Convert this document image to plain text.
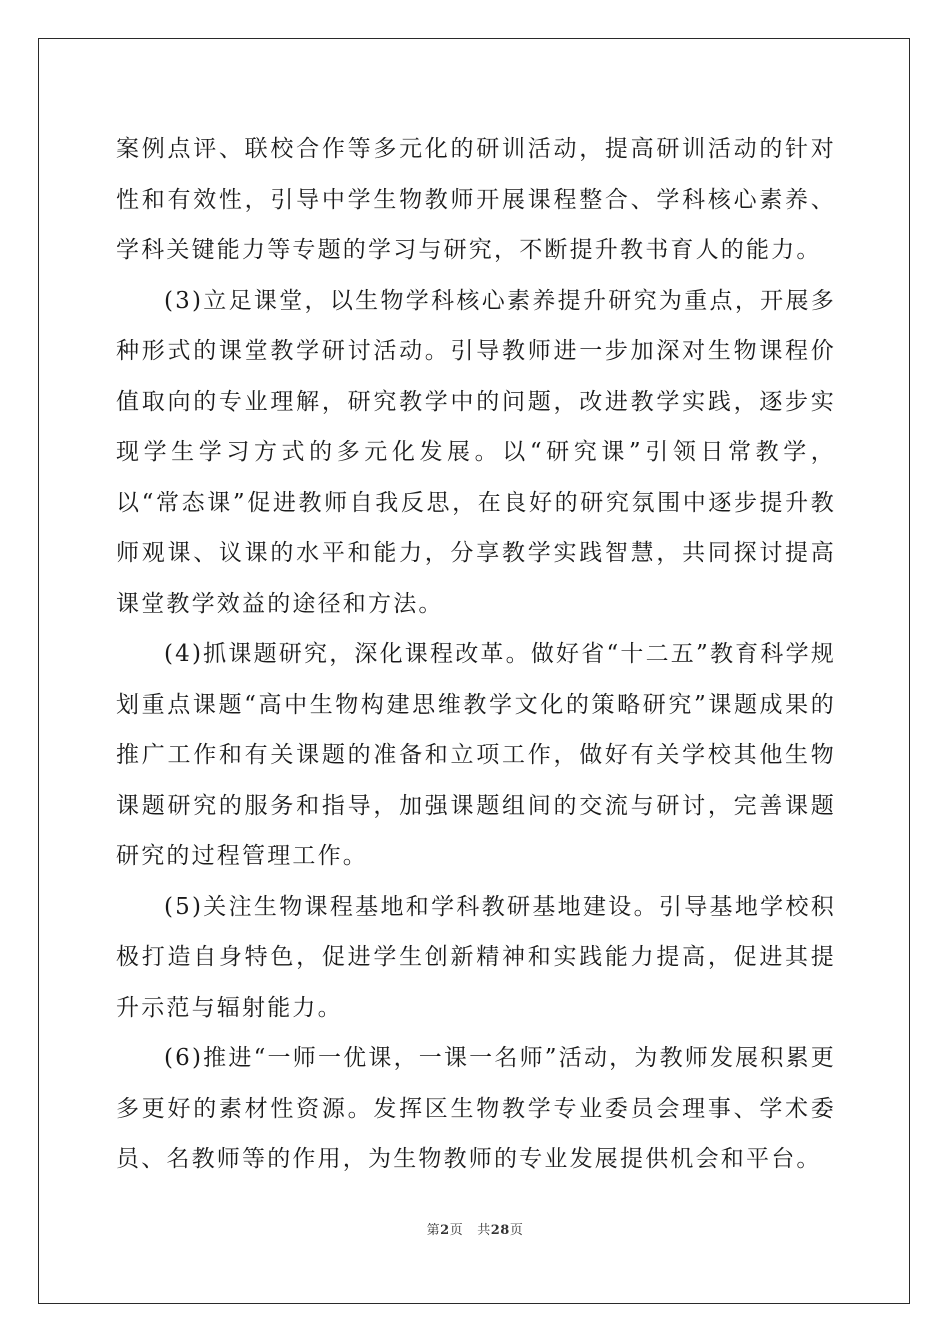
案例点评、联校合作等多元化的研训活动，提高研训活动的针对性和有效性，引导中学生物教师开展课程整合、学科核心素养、学科关键能力等专题的学习与研究，不断提升教书育人的能力。

(3)立足课堂，以生物学科核心素养提升研究为重点，开展多种形式的课堂教学研讨活动。引导教师进一步加深对生物课程价值取向的专业理解，研究教学中的问题，改进教学实践，逐步实现学生学习方式的多元化发展。以“研究课”引领日常教学，以“常态课”促进教师自我反思，在良好的研究氛围中逐步提升教师观课、议课的水平和能力，分享教学实践智慧，共同探讨提高课堂教学效益的途径和方法。

(4)抓课题研究，深化课程改革。做好省“十二五”教育科学规划重点课题“高中生物构建思维教学文化的策略研究”课题成果的推广工作和有关课题的准备和立项工作，做好有关学校其他生物课题研究的服务和指导，加强课题组间的交流与研讨，完善课题研究的过程管理工作。

(5)关注生物课程基地和学科教研基地建设。引导基地学校积极打造自身特色，促进学生创新精神和实践能力提高，促进其提升示范与辐射能力。

(6)推进“一师一优课，一课一名师”活动，为教师发展积累更多更好的素材性资源。发挥区生物教学专业委员会理事、学术委员、名教师等的作用，为生物教师的专业发展提供机会和平台。

第2页 共28页
